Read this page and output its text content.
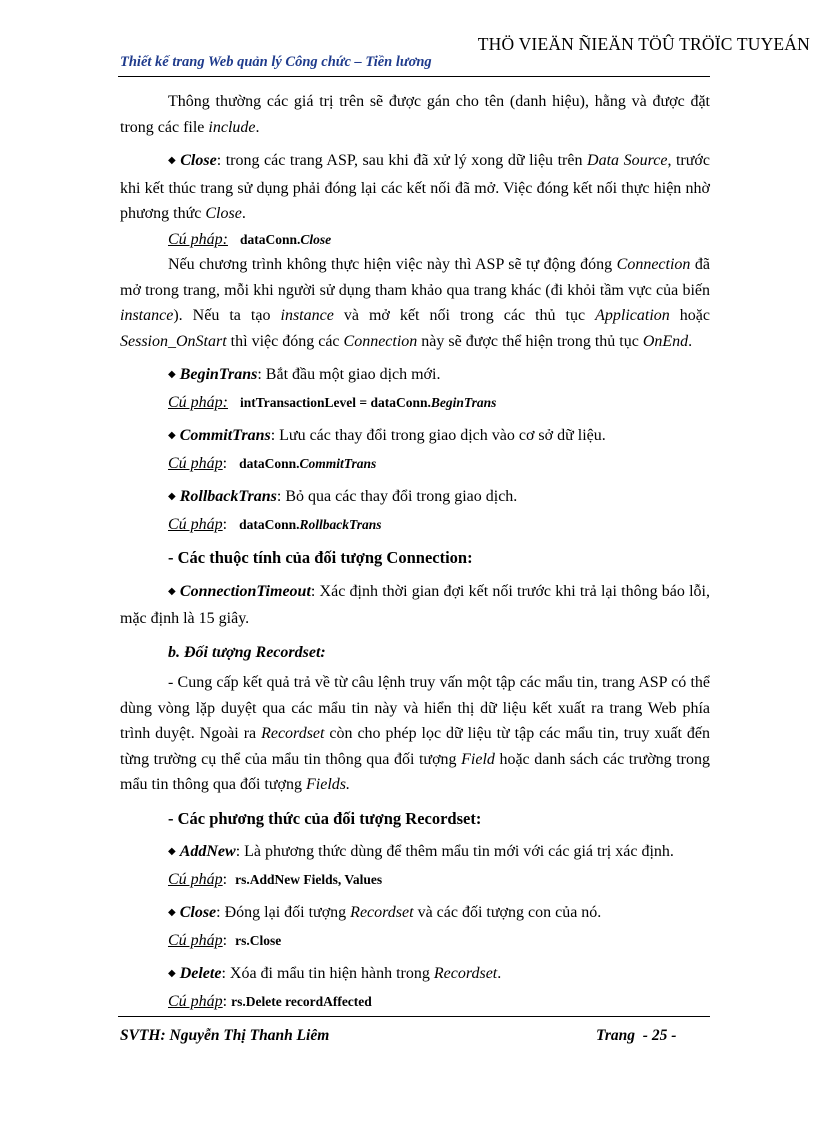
THÖ VIEÄN ÑIEÄN TÖÛ TRÖÏC TUYEÁN
Thiết kế trang Web quản lý Công chức – Tiền lương

Thông thường các giá trị trên sẽ được gán cho tên (danh hiệu), hằng và được đặt trong các file include.

◆ Close: trong các trang ASP, sau khi đã xử lý xong dữ liệu trên Data Source, trước khi kết thúc trang sử dụng phải đóng lại các kết nối đã mở. Việc đóng kết nối thực hiện nhờ phương thức Close.

Cú pháp: dataConn.Close

Nếu chương trình không thực hiện việc này thì ASP sẽ tự động đóng Connection đã mở trong trang, mỗi khi người sử dụng tham khảo qua trang khác (đi khỏi tầm vực của biến instance). Nếu ta tạo instance và mở kết nối trong các thủ tục Application hoặc Session_OnStart thì việc đóng các Connection này sẽ được thể hiện trong thủ tục OnEnd.

◆ BeginTrans: Bắt đầu một giao dịch mới.

Cú pháp: intTransactionLevel = dataConn.BeginTrans

◆ CommitTrans: Lưu các thay đổi trong giao dịch vào cơ sở dữ liệu.

Cú pháp: dataConn.CommitTrans

◆ RollbackTrans: Bỏ qua các thay đổi trong giao dịch.

Cú pháp: dataConn.RollbackTrans

- Các thuộc tính của đối tượng Connection:

◆ ConnectionTimeout: Xác định thời gian đợi kết nối trước khi trả lại thông báo lỗi, mặc định là 15 giây.

b. Đối tượng Recordset:

- Cung cấp kết quả trả về từ câu lệnh truy vấn một tập các mẩu tin, trang ASP có thể dùng vòng lặp duyệt qua các mẩu tin này và hiển thị dữ liệu kết xuất ra trang Web phía trình duyệt. Ngoài ra Recordset còn cho phép lọc dữ liệu từ tập các mẩu tin, truy xuất đến từng trường cụ thể của mẩu tin thông qua đối tượng Field hoặc danh sách các trường trong mẩu tin thông qua đối tượng Fields.

- Các phương thức của đối tượng Recordset:

◆ AddNew: Là phương thức dùng để thêm mẩu tin mới với các giá trị xác định.

Cú pháp: rs.AddNew Fields, Values

◆ Close: Đóng lại đối tượng Recordset và các đối tượng con của nó.

Cú pháp: rs.Close

◆ Delete: Xóa đi mẩu tin hiện hành trong Recordset.

Cú pháp: rs.Delete recordAffected

SVTH: Nguyễn Thị Thanh Liêm	Trang  - 25 -
